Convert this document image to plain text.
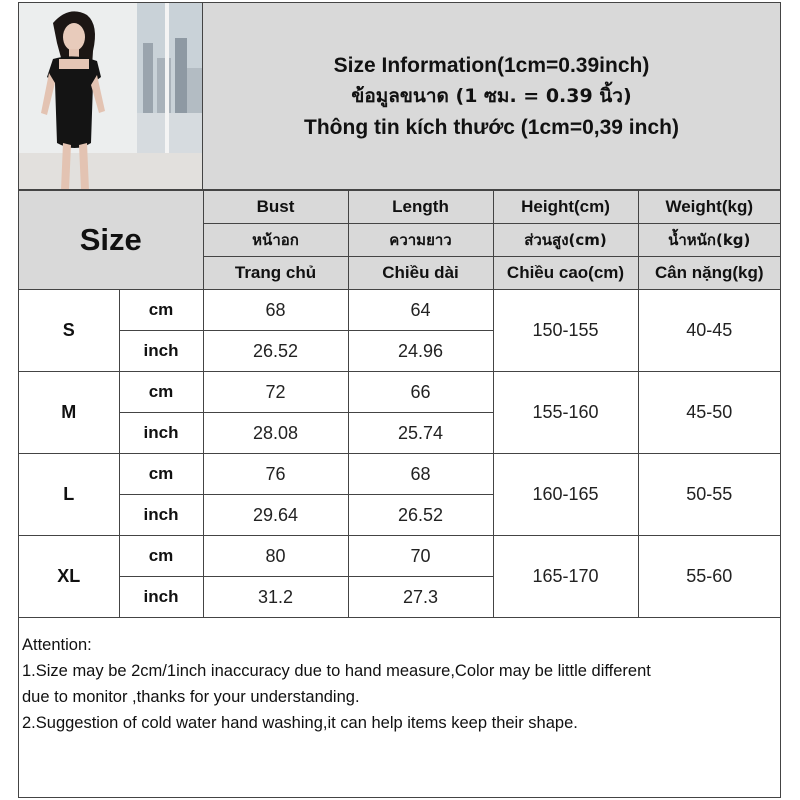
Size Information(1cm=0.39inch)
ข้อมูลขนาด (1 ซม. = 0.39 นิ้ว)
Thông tin kích thước (1cm=0,39 inch)
Size		Bust	Length	Height(cm)	Weight(kg)
		หน้าอก	ความยาว	ส่วนสูง(cm)	น้ำหนัก(kg)
		Trang chủ	Chiều dài	Chiều cao(cm)	Cân nặng(kg)
S	cm	68	64	150-155	40-45
	inch	26.52	24.96		
M	cm	72	66	155-160	45-50
	inch	28.08	25.74		
L	cm	76	68	160-165	50-55
	inch	29.64	26.52		
XL	cm	80	70	165-170	55-60
	inch	31.2	27.3		
Attention:
1.Size may be 2cm/1inch inaccuracy due to hand measure,Color may be little different
due to monitor ,thanks for your understanding.
2.Suggestion of cold water hand washing,it can help items keep their shape.
